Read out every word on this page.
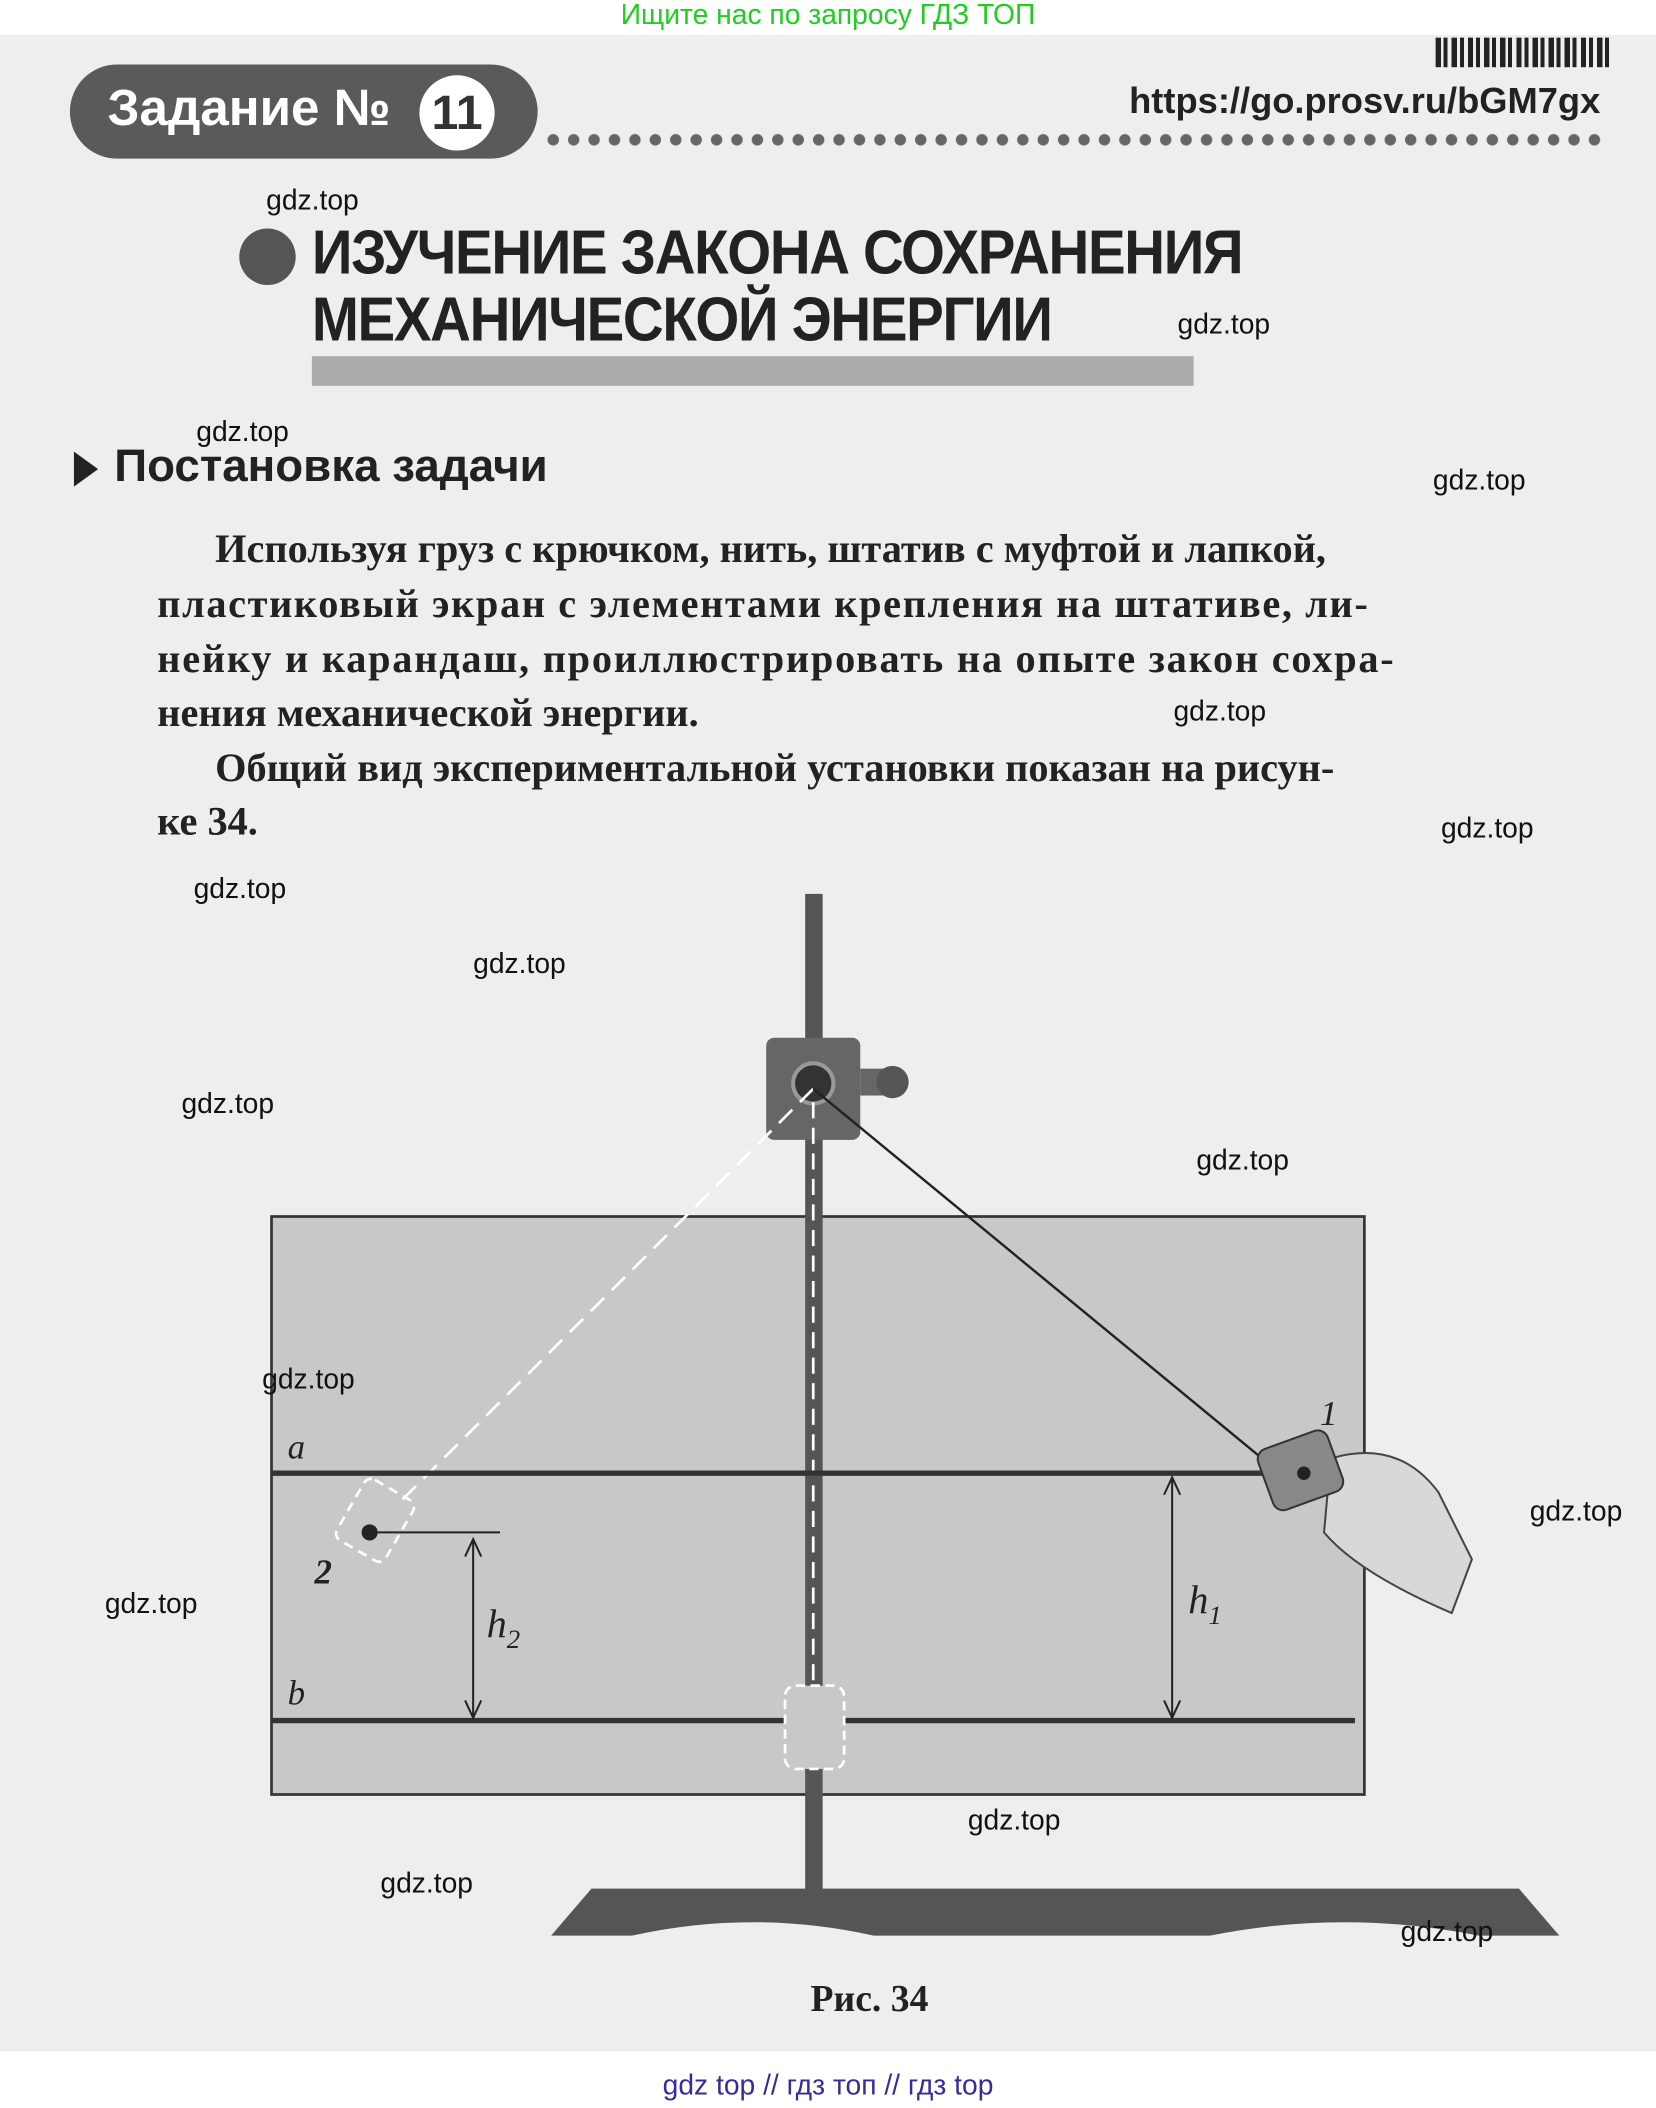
Ищите нас по запросу ГДЗ ТОП
Задание №	11	https://go.prosv.ru/bGM7gx
ИЗУЧЕНИЕ ЗАКОНА СОХРАНЕНИЯ
МЕХАНИЧЕСКОЙ ЭНЕРГИИ
Постановка задачи
Используя груз с крючком, нить, штатив с муфтой и лапкой,
пластиковый экран с элементами крепления на штативе, ли-
нейку и карандаш, проиллюстрировать на опыте закон сохра-
нения механической энергии.
Общий вид экспериментальной установки показан на рисун-
ке 34.
a
b
1
2
$h_1$
$h_2$
Рис. 34
gdz.top
gdz.top
gdz.top
gdz.top
gdz.top
gdz.top
gdz.top
gdz.top
gdz.top
gdz.top
gdz.top
gdz.top
gdz.top
gdz.top
gdz.top
gdz.top
gdz top // гдз топ // гдз top
